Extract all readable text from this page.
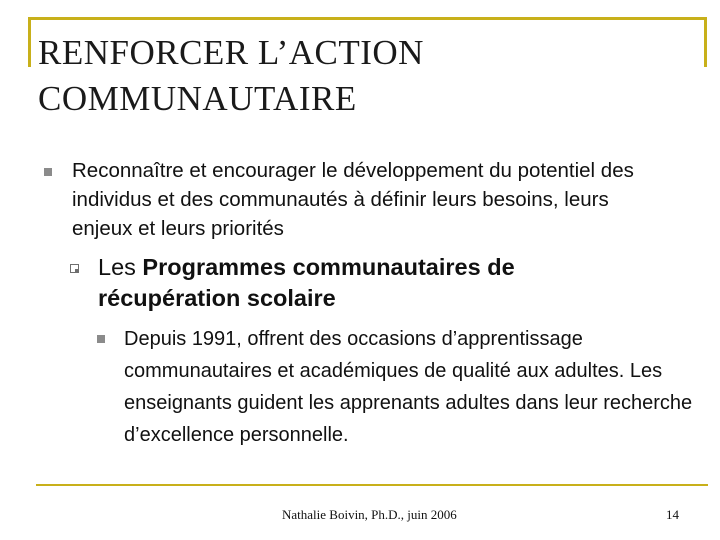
RENFORCER L’ACTION COMMUNAUTAIRE
Reconnaître et encourager le développement du potentiel des individus et des communautés à définir leurs besoins, leurs enjeux et leurs priorités
Les Programmes communautaires de récupération scolaire
Depuis 1991, offrent des occasions d’apprentissage communautaires et académiques de qualité aux adultes. Les enseignants guident les apprenants adultes dans leur recherche d’excellence personnelle.
Nathalie Boivin, Ph.D., juin 2006	14
